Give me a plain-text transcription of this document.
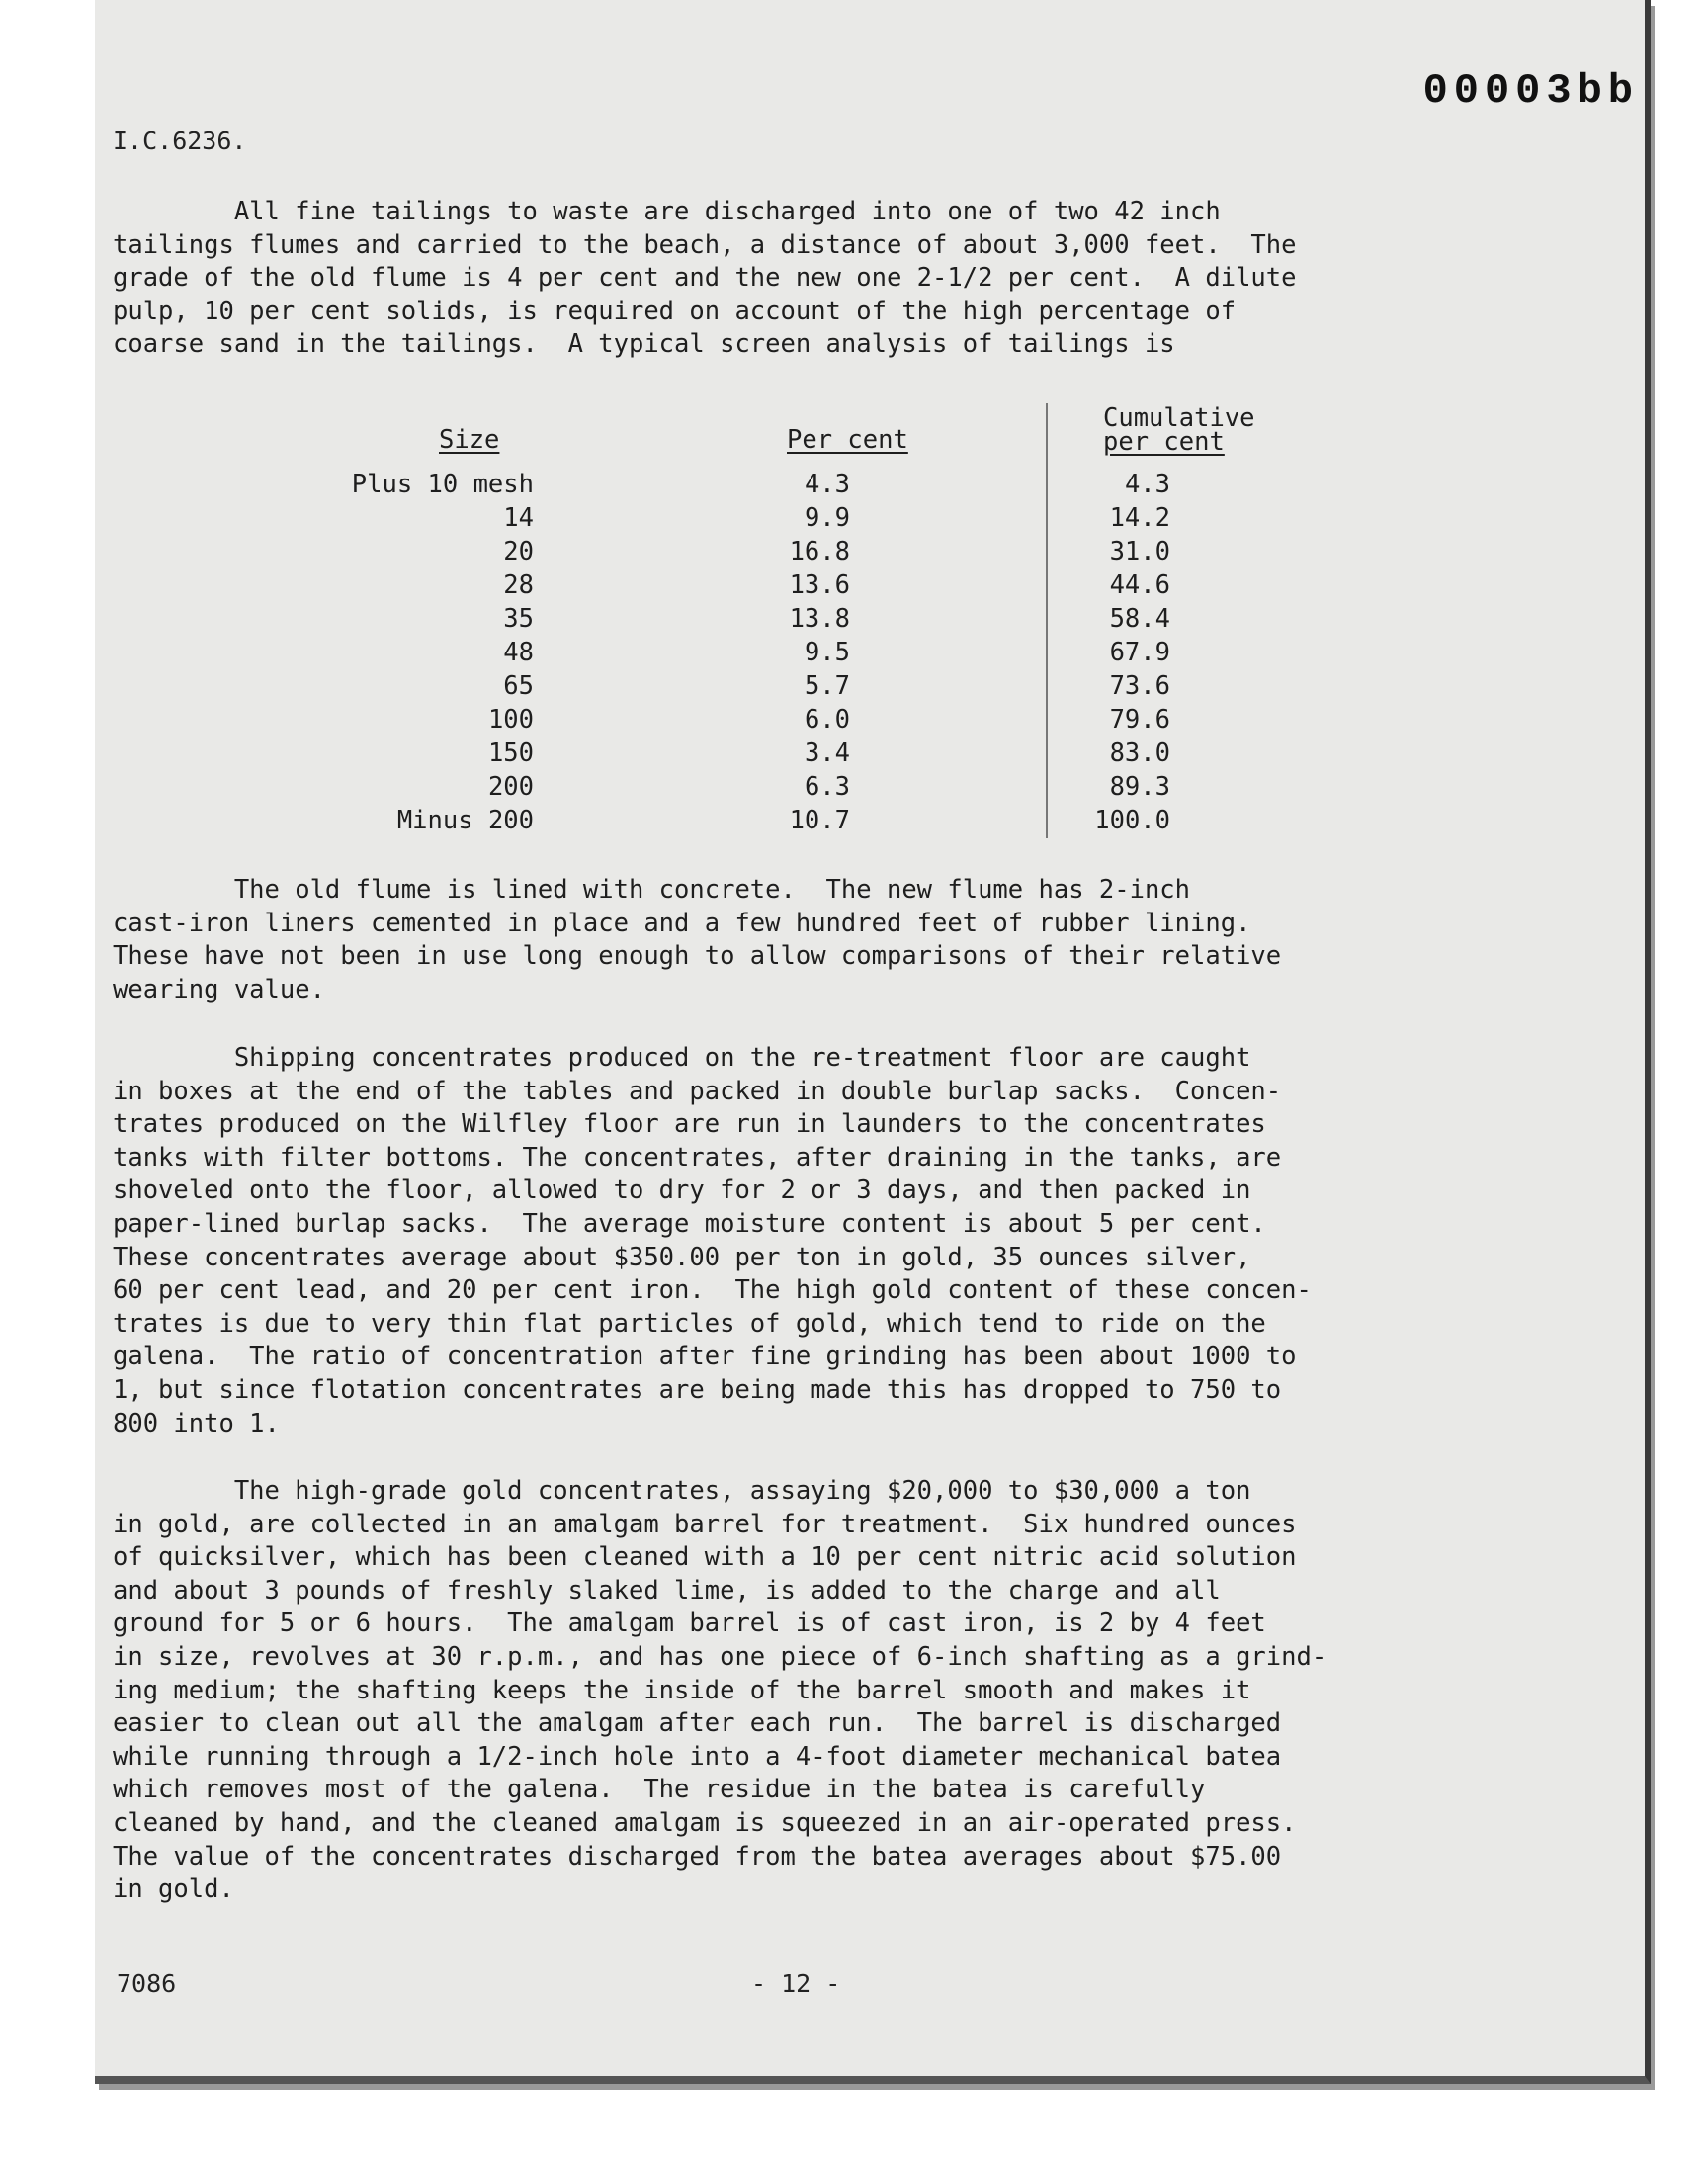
00003bb
I.C.6236.
All fine tailings to waste are discharged into one of two 42 inch
tailings flumes and carried to the beach, a distance of about 3,000 feet.  The
grade of the old flume is 4 per cent and the new one 2-1/2 per cent.  A dilute
pulp, 10 per cent solids, is required on account of the high percentage of
coarse sand in the tailings.  A typical screen analysis of tailings is
Size	Per cent
Cumulative
per cent
Plus 10 mesh	4.3	4.3
14	9.9	14.2
20	16.8	31.0
28	13.6	44.6
35	13.8	58.4
48	9.5	67.9
65	5.7	73.6
100	6.0	79.6
150	3.4	83.0
200	6.3	89.3
Minus 200	10.7	100.0
The old flume is lined with concrete.  The new flume has 2-inch
cast-iron liners cemented in place and a few hundred feet of rubber lining.
These have not been in use long enough to allow comparisons of their relative
wearing value.
Shipping concentrates produced on the re-treatment floor are caught
in boxes at the end of the tables and packed in double burlap sacks.  Concen-
trates produced on the Wilfley floor are run in launders to the concentrates
tanks with filter bottoms. The concentrates, after draining in the tanks, are
shoveled onto the floor, allowed to dry for 2 or 3 days, and then packed in
paper-lined burlap sacks.  The average moisture content is about 5 per cent.
These concentrates average about $350.00 per ton in gold, 35 ounces silver,
60 per cent lead, and 20 per cent iron.  The high gold content of these concen-
trates is due to very thin flat particles of gold, which tend to ride on the
galena.  The ratio of concentration after fine grinding has been about 1000 to
1, but since flotation concentrates are being made this has dropped to 750 to
800 into 1.
The high-grade gold concentrates, assaying $20,000 to $30,000 a ton
in gold, are collected in an amalgam barrel for treatment.  Six hundred ounces
of quicksilver, which has been cleaned with a 10 per cent nitric acid solution
and about 3 pounds of freshly slaked lime, is added to the charge and all
ground for 5 or 6 hours.  The amalgam barrel is of cast iron, is 2 by 4 feet
in size, revolves at 30 r.p.m., and has one piece of 6-inch shafting as a grind-
ing medium; the shafting keeps the inside of the barrel smooth and makes it
easier to clean out all the amalgam after each run.  The barrel is discharged
while running through a 1/2-inch hole into a 4-foot diameter mechanical batea
which removes most of the galena.  The residue in the batea is carefully
cleaned by hand, and the cleaned amalgam is squeezed in an air-operated press.
The value of the concentrates discharged from the batea averages about $75.00
in gold.
7086	- 12 -
